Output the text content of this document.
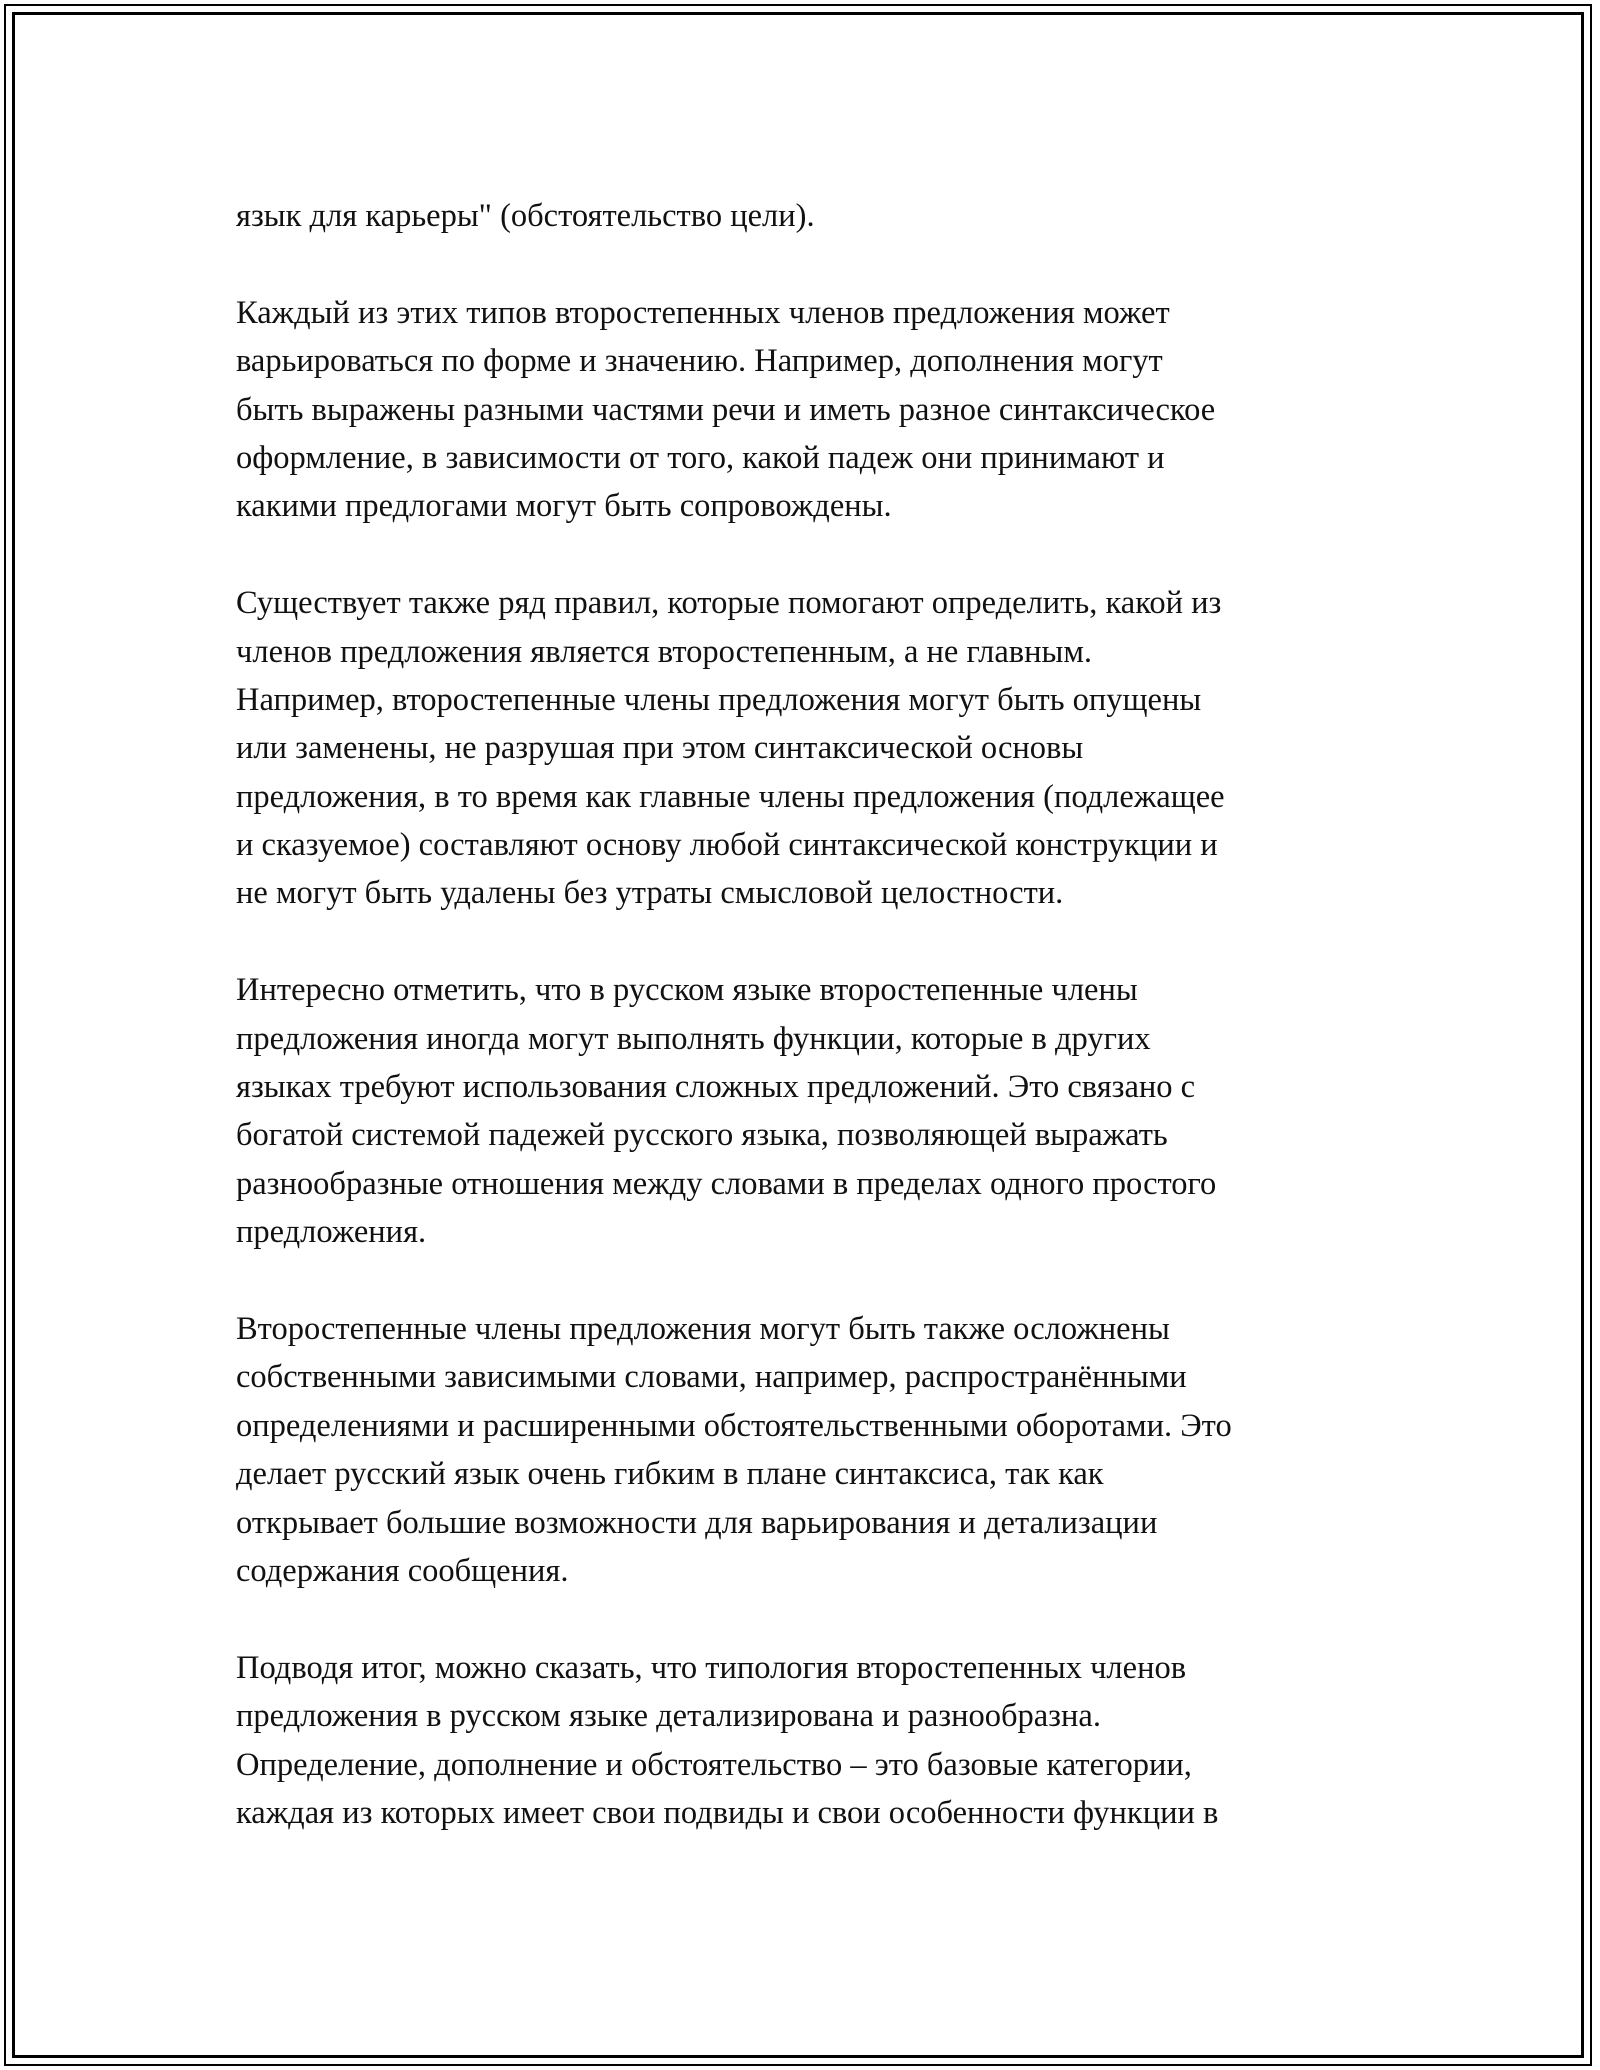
язык для карьеры" (обстоятельство цели).
Каждый из этих типов второстепенных членов предложения может
варьироваться по форме и значению. Например, дополнения могут
быть выражены разными частями речи и иметь разное синтаксическое
оформление, в зависимости от того, какой падеж они принимают и
какими предлогами могут быть сопровождены.
Существует также ряд правил, которые помогают определить, какой из
членов предложения является второстепенным, а не главным.
Например, второстепенные члены предложения могут быть опущены
или заменены, не разрушая при этом синтаксической основы
предложения, в то время как главные члены предложения (подлежащее
и сказуемое) составляют основу любой синтаксической конструкции и
не могут быть удалены без утраты смысловой целостности.
Интересно отметить, что в русском языке второстепенные члены
предложения иногда могут выполнять функции, которые в других
языках требуют использования сложных предложений. Это связано с
богатой системой падежей русского языка, позволяющей выражать
разнообразные отношения между словами в пределах одного простого
предложения.
Второстепенные члены предложения могут быть также осложнены
собственными зависимыми словами, например, распространёнными
определениями и расширенными обстоятельственными оборотами. Это
делает русский язык очень гибким в плане синтаксиса, так как
открывает большие возможности для варьирования и детализации
содержания сообщения.
Подводя итог, можно сказать, что типология второстепенных членов
предложения в русском языке детализирована и разнообразна.
Определение, дополнение и обстоятельство – это базовые категории,
каждая из которых имеет свои подвиды и свои особенности функции в
